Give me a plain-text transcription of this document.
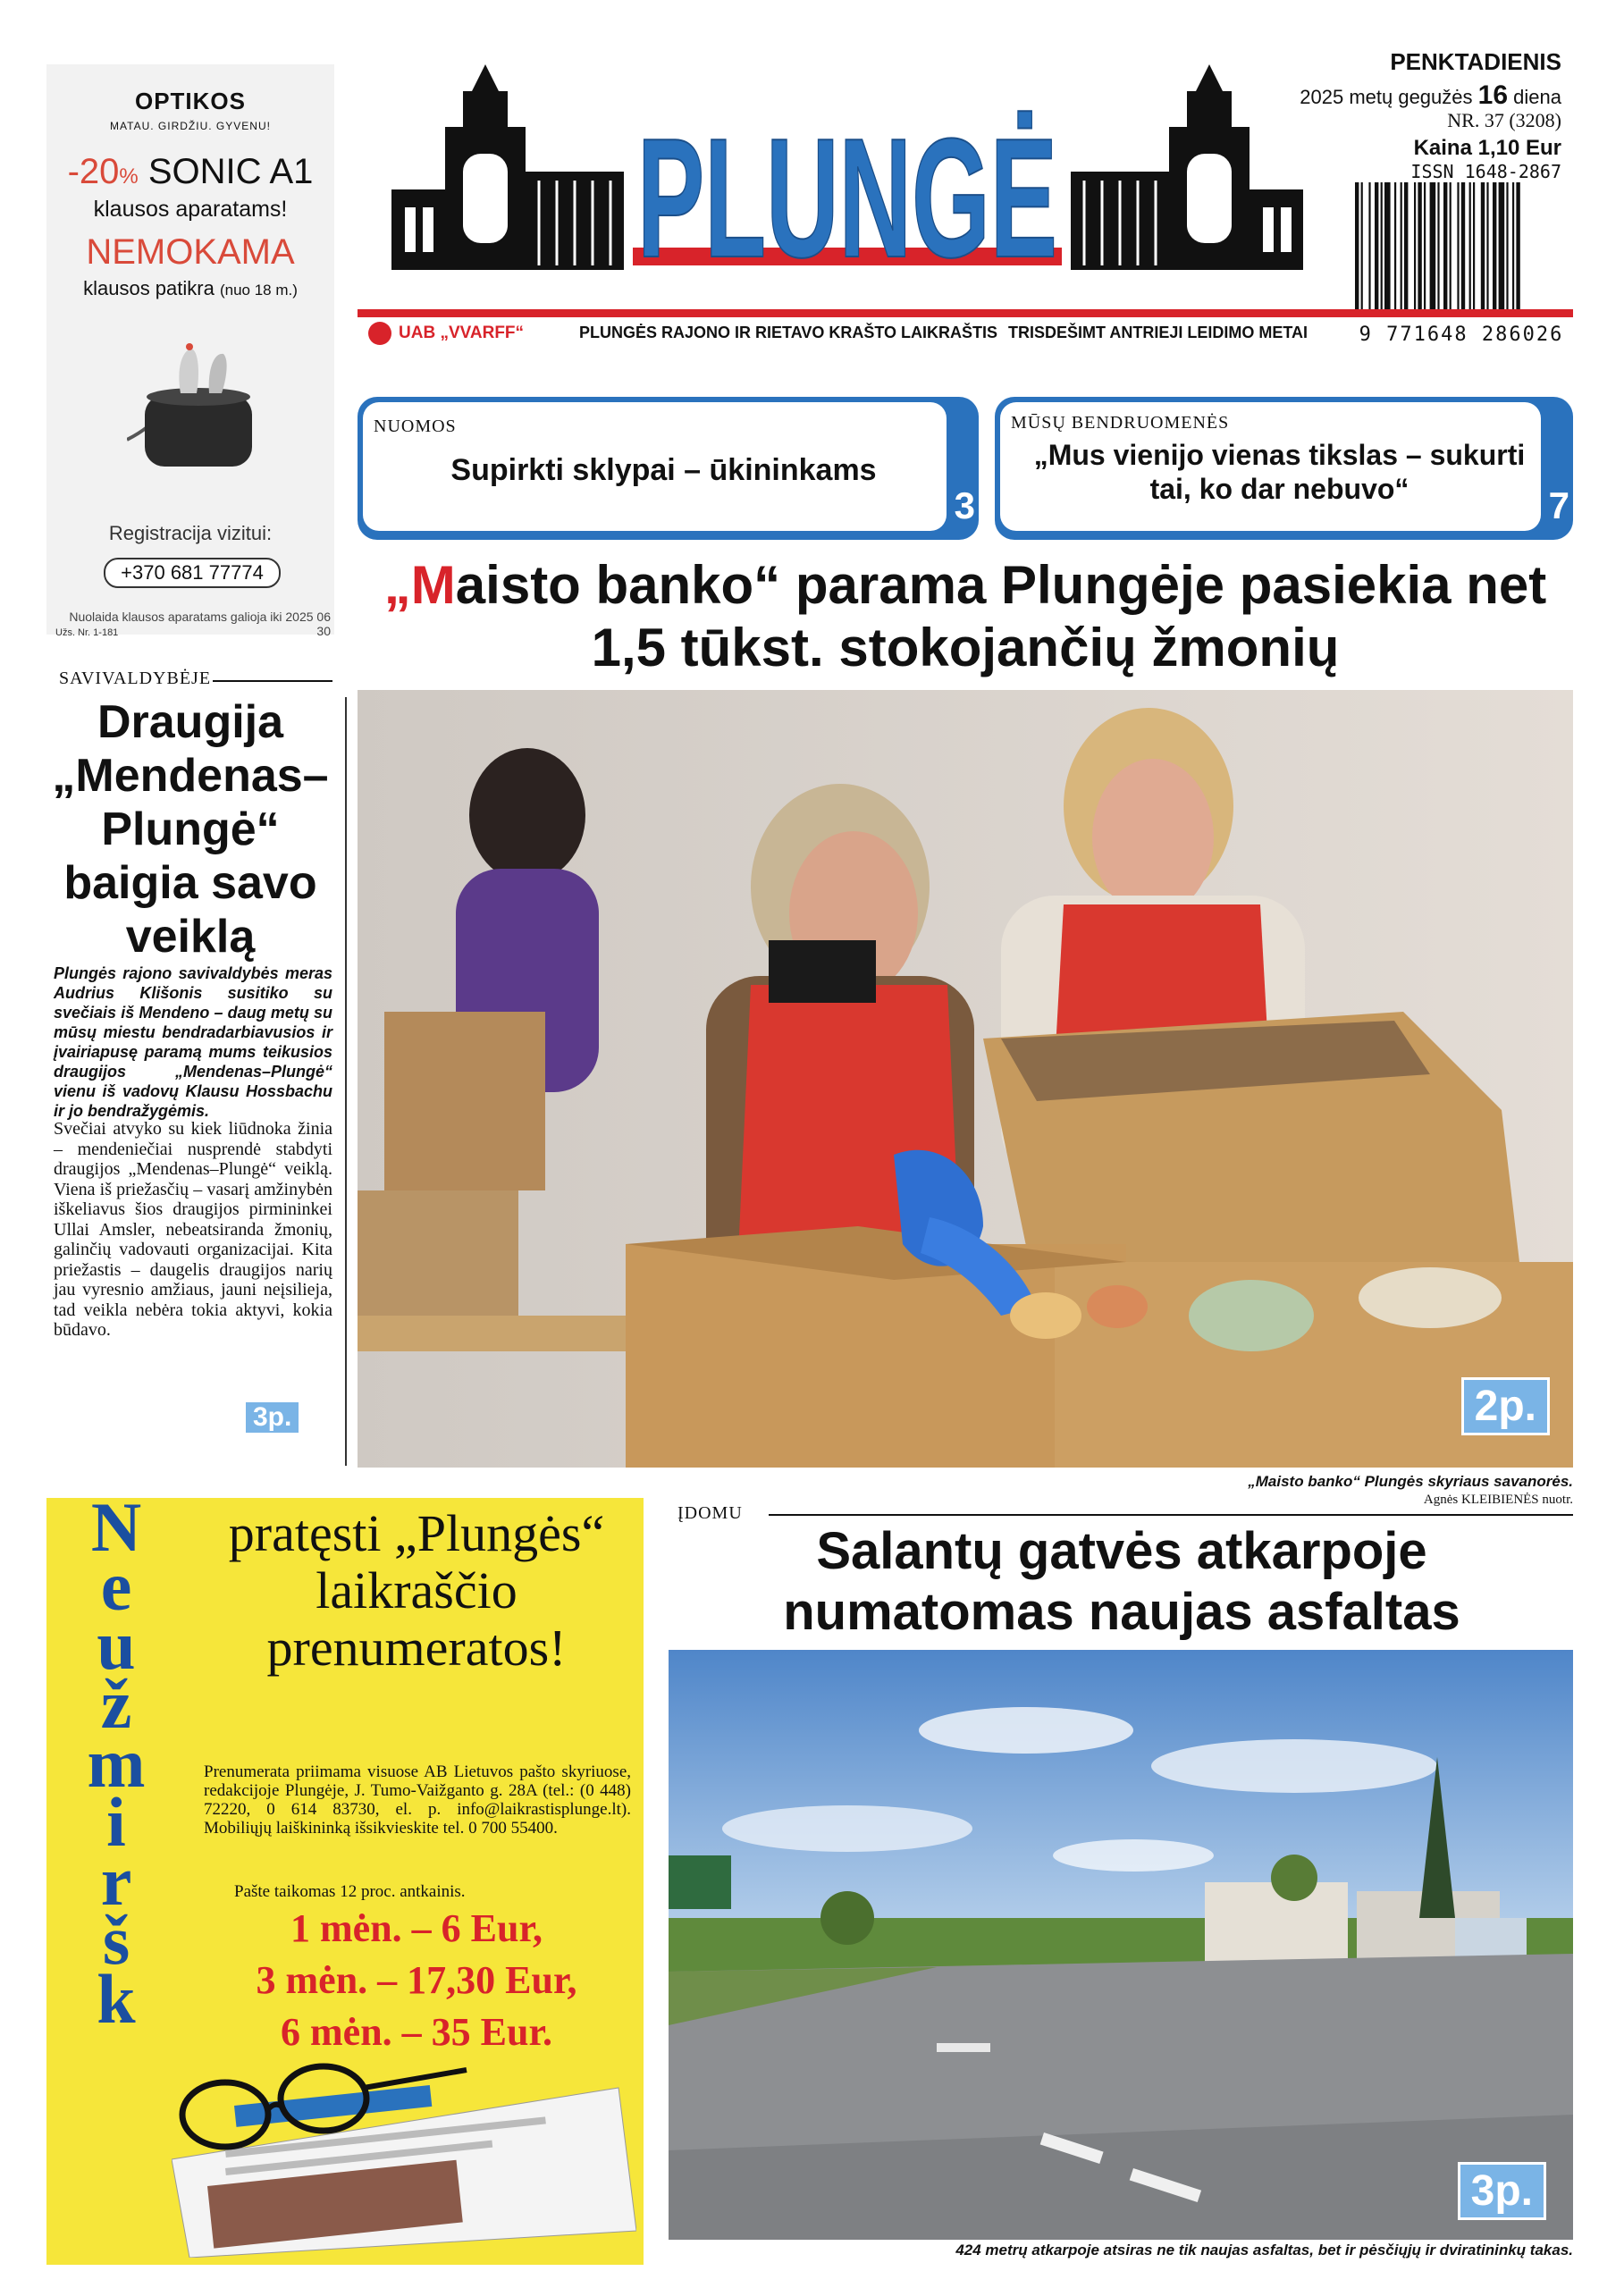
OPTIKOS
MATAU. GIRDŽIU. GYVENU!
-20% SONIC A1
klausos aparatams!
NEMOKAMA
klausos patikra (nuo 18 m.)
Registracija vizitui:
+370 681 77774
Nuolaida klausos aparatams galioja iki 2025 06 30
Užs. Nr. 1-181
PLUNGĖ
PENKTADIENIS
2025 metų gegužės 16 diena
NR. 37 (3208)
Kaina 1,10 Eur
ISSN 1648-2867
9 771648 286026
UAB „VVARFF“	PLUNGĖS RAJONO IR RIETAVO KRAŠTO LAIKRAŠTIS TRISDEŠIMT ANTRIEJI LEIDIMO METAI
NUOMOS
Supirkti sklypai – ūkininkams
3
MŪSŲ BENDRUOMENĖS
„Mus vienijo vienas tikslas – sukurti tai, ko dar nebuvo“	7
„Maisto banko“ parama Plungėje pasiekia net 1,5 tūkst. stokojančių žmonių
2p.
„Maisto banko“ Plungės skyriaus savanorės.
Agnės KLEIBIENĖS nuotr.
SAVIVALDYBĖJE
Draugija „Mendenas– Plungė“ baigia savo veiklą
Plungės rajono savivaldybės meras Audrius Klišonis susitiko su svečiais iš Mendeno – daug metų su mūsų miestu bendradarbiavusios ir įvairiapusę paramą mums teikusios draugijos „Mendenas–Plungė“ vienu iš vadovų Klausu Hossbachu ir jo bendražygėmis.
Svečiai atvyko su kiek liūdnoka žinia – mendeniečiai nusprendė stabdyti draugijos „Mendenas–Plungė“ veiklą. Viena iš priežasčių – vasarį amžinybėn iškeliavus šios draugijos pirmininkei Ullai Amsler, nebeatsiranda žmonių, galinčių vadovauti organizacijai. Kita priežastis – daugelis draugijos narių jau vyresnio amžiaus, jauni neįsilieja, tad veikla nebėra tokia aktyvi, kokia būdavo.
3p.
N
e
u
ž
m
i
r
š
k
pratęsti „Plungės“ laikraščio prenumeratos!
Prenumerata priimama visuose AB Lietuvos pašto skyriuose, redakcijoje Plungėje, J. Tumo-Vaižganto g. 28A (tel.: (0 448) 72220, 0 614 83730, el. p. info@laikrastisplunge.lt). Mobiliųjų laiškininką išsikvieskite tel. 0 700 55400.
Pašte taikomas 12 proc. antkainis.
1 mėn. – 6 Eur,
3 mėn. – 17,30 Eur,
6 mėn. – 35 Eur.
ĮDOMU
Salantų gatvės atkarpoje numatomas naujas asfaltas
3p.
424 metrų atkarpoje atsiras ne tik naujas asfaltas, bet ir pėsčiųjų ir dviratininkų takas.
